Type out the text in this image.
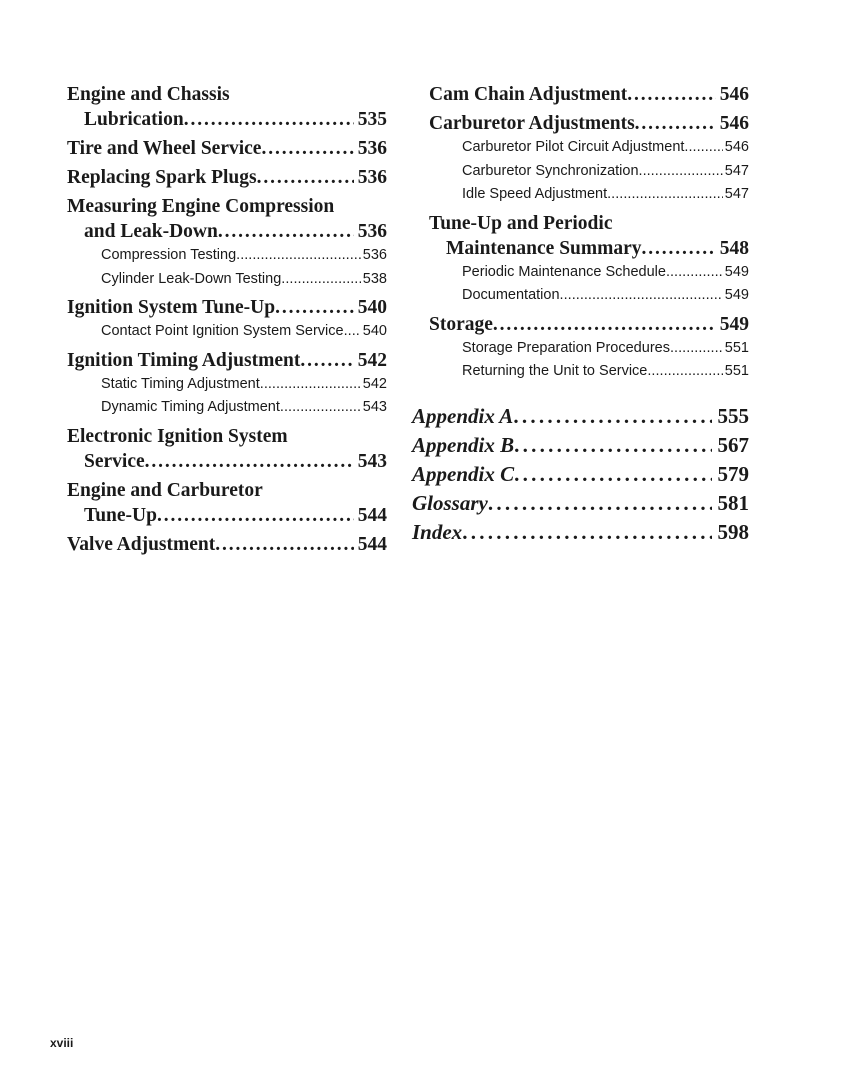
Engine and Chassis
Lubrication . . .	535
Tire and Wheel Service . . .	536
Replacing Spark Plugs . . .	536
Measuring Engine Compression
and Leak-Down . . .	536
Compression Testing . . .	536
Cylinder Leak-Down Testing . . .	538
Ignition System Tune-Up . . .	540
Contact Point Ignition System Service . . . 540
Ignition Timing Adjustment . . .	542
Static Timing Adjustment . . .	542
Dynamic Timing Adjustment . . .	543
Electronic Ignition System
Service . . .	543
Engine and Carburetor
Tune-Up . . .	544
Valve Adjustment . . .	544
Cam Chain Adjustment . . .	546
Carburetor Adjustments . . .	546
Carburetor Pilot Circuit Adjustment . . .	546
Carburetor Synchronization . . .	547
Idle Speed Adjustment . . .	547
Tune-Up and Periodic
Maintenance Summary . . .	548
Periodic Maintenance Schedule . . .	549
Documentation . . .	549
Storage . . .	549
Storage Preparation Procedures . . .	551
Returning the Unit to Service . . .	551
Appendix A . . .	555
Appendix B . . .	567
Appendix C . . .	579
Glossary . . .	581
Index . . .	598
xviii
